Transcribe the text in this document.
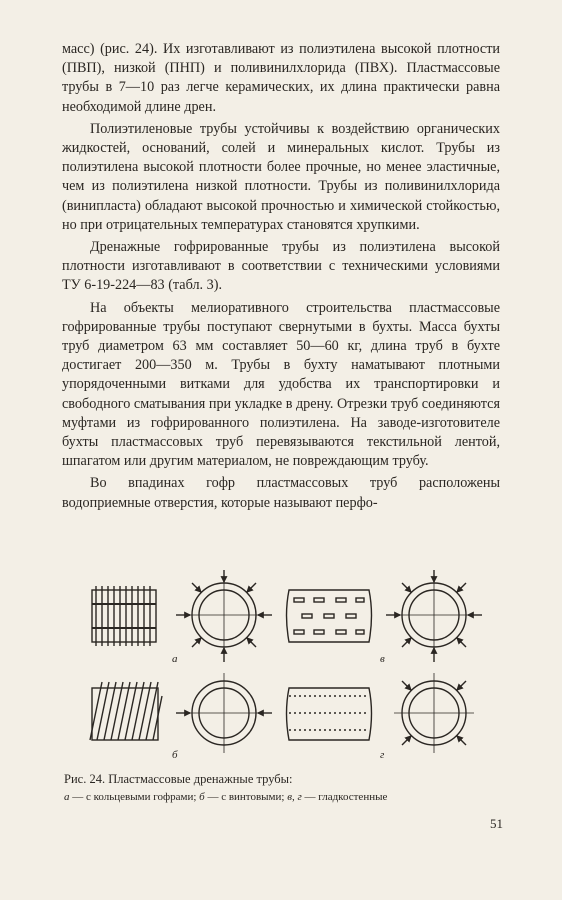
масс) (рис. 24). Их изготавливают из полиэтилена высокой плотности (ПВП), низкой (ПНП) и поливинилхлорида (ПВХ). Пластмассовые трубы в 7—10 раз легче керамических, их длина практически равна необходимой длине дрен.

Полиэтиленовые трубы устойчивы к воздействию органических жидкостей, оснований, солей и минеральных кислот. Трубы из полиэтилена высокой плотности более прочные, но менее эластичные, чем из полиэтилена низкой плотности. Трубы из поливинилхлорида (винипласта) обладают высокой прочностью и химической стойкостью, но при отрицательных температурах становятся хрупкими.

Дренажные гофрированные трубы из полиэтилена высокой плотности изготавливают в соответствии с техническими условиями ТУ 6-19-224—83 (табл. 3).

На объекты мелиоративного строительства пластмассовые гофрированные трубы поступают свернутыми в бухты. Масса бухты труб диаметром 63 мм составляет 50—60 кг, длина труб в бухте достигает 200—350 м. Трубы в бухту наматывают плотными упорядоченными витками для удобства их транспортировки и свободного сматывания при укладке в дрену. Отрезки труб соединяются муфтами из гофрированного полиэтилена. На заводе-изготовителе бухты пластмассовых труб перевязываются текстильной лентой, шпагатом или другим материалом, не повреждающим трубу.

Во впадинах гофр пластмассовых труб расположены водоприемные отверстия, которые называют перфо-

а	в
б	г
Рис. 24. Пластмассовые дренажные трубы:
а — с кольцевыми гофрами; б — с винтовыми; в, г — гладкостенные
51
